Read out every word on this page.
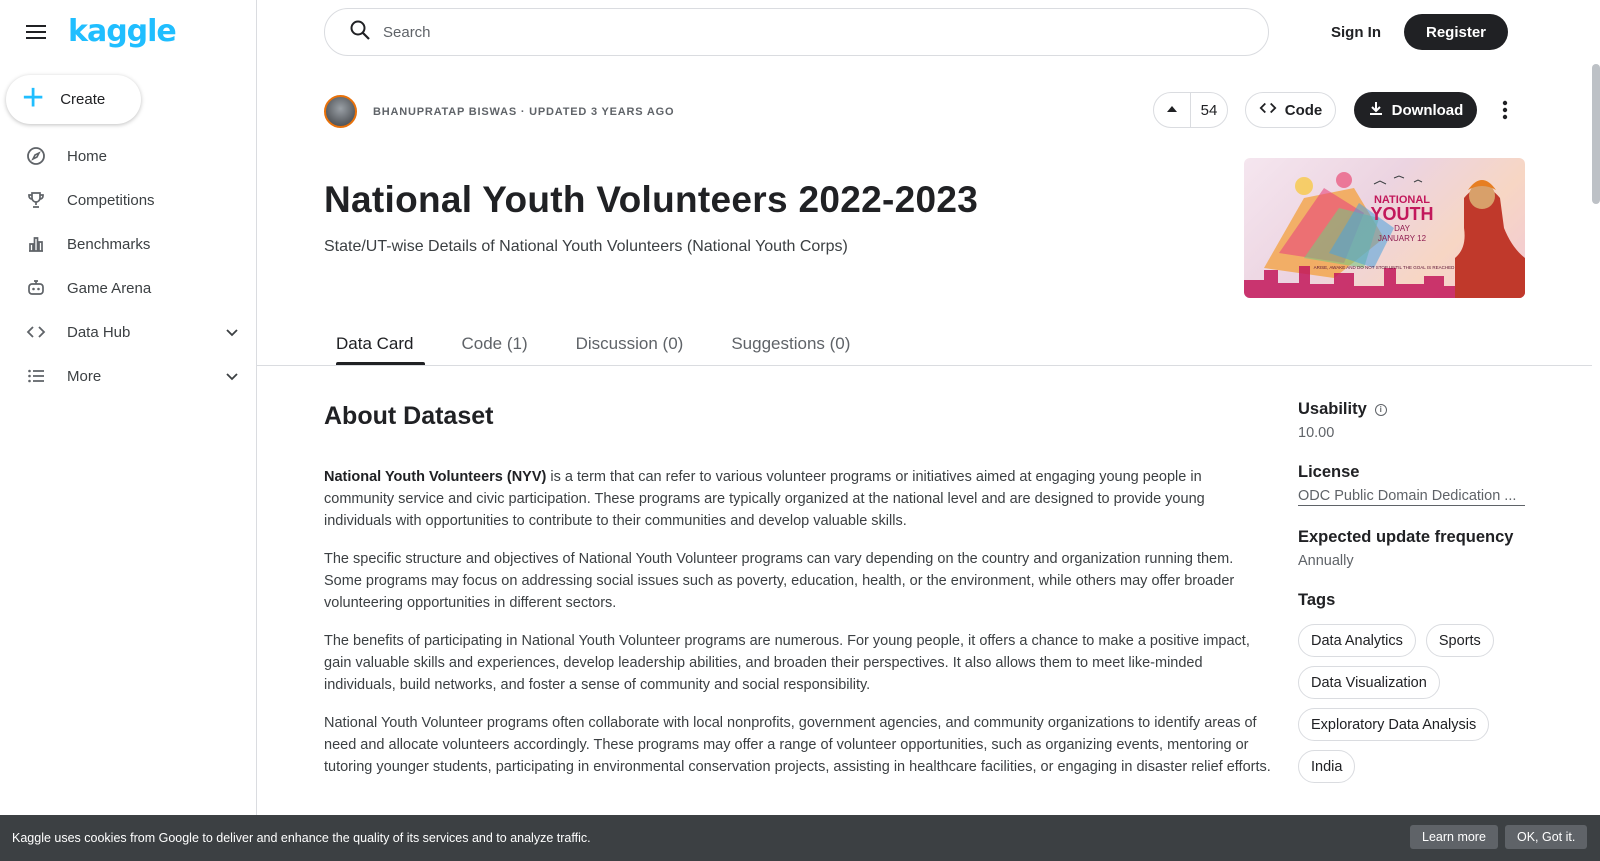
kaggle
+ Create
Home
Competitions
Benchmarks
Game Arena
Data Hub
More
Search
Sign In	Register
BHANUPRATAP BISWAS · UPDATED 3 YEARS AGO	54	Code	Download
National Youth Volunteers 2022-2023
State/UT-wise Details of National Youth Volunteers (National Youth Corps)
NATIONAL
YOUTH
DAY
JANUARY 12
ARISE, AWAKE AND DO NOT STOP UNTIL THE GOAL IS REACHED
Data Card	Code (1)	Discussion (0)	Suggestions (0)
About Dataset

National Youth Volunteers (NYV) is a term that can refer to various volunteer programs or initiatives aimed at engaging young people in community service and civic participation. These programs are typically organized at the national level and are designed to provide young individuals with opportunities to contribute to their communities and develop valuable skills.

The specific structure and objectives of National Youth Volunteer programs can vary depending on the country and organization running them. Some programs may focus on addressing social issues such as poverty, education, health, or the environment, while others may offer broader volunteering opportunities in different sectors.

The benefits of participating in National Youth Volunteer programs are numerous. For young people, it offers a chance to make a positive impact, gain valuable skills and experiences, develop leadership abilities, and broaden their perspectives. It also allows them to meet like-minded individuals, build networks, and foster a sense of community and social responsibility.

National Youth Volunteer programs often collaborate with local nonprofits, government agencies, and community organizations to identify areas of need and allocate volunteers accordingly. These programs may offer a range of volunteer opportunities, such as organizing events, mentoring or tutoring younger students, participating in environmental conservation projects, assisting in healthcare facilities, or engaging in disaster relief efforts.

Usability i
10.00
License
ODC Public Domain Dedication ...
Expected update frequency
Annually
Tags
Data Analytics	Sports
Data Visualization
Exploratory Data Analysis
India
Kaggle uses cookies from Google to deliver and enhance the quality of its services and to analyze traffic.	Learn more	OK, Got it.
